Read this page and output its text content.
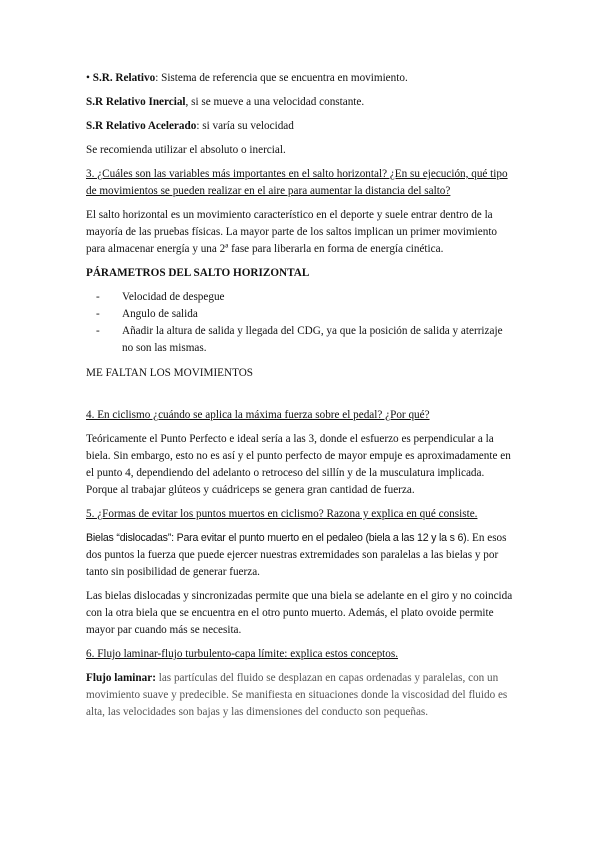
• S.R. Relativo: Sistema de referencia que se encuentra en movimiento.

S.R Relativo Inercial, si se mueve a una velocidad constante.

S.R Relativo Acelerado: si varía su velocidad

Se recomienda utilizar el absoluto o inercial.

3. ¿Cuáles son las variables más importantes en el salto horizontal? ¿En su ejecución, qué tipo de movimientos se pueden realizar en el aire para aumentar la distancia del salto?

El salto horizontal es un movimiento característico en el deporte y suele entrar dentro de la mayoría de las pruebas físicas. La mayor parte de los saltos implican un primer movimiento para almacenar energía y una 2ª fase para liberarla en forma de energía cinética.

PÁRAMETROS DEL SALTO HORIZONTAL

- Velocidad de despegue
- Angulo de salida
- Añadir la altura de salida y llegada del CDG, ya que la posición de salida y aterrizaje no son las mismas.

ME FALTAN LOS MOVIMIENTOS

4. En ciclismo ¿cuándo se aplica la máxima fuerza sobre el pedal? ¿Por qué?

Teóricamente el Punto Perfecto e ideal sería a las 3, donde el esfuerzo es perpendicular a la biela. Sin embargo, esto no es así y el punto perfecto de mayor empuje es aproximadamente en el punto 4, dependiendo del adelanto o retroceso del sillín y de la musculatura implicada. Porque al trabajar glúteos y cuádriceps se genera gran cantidad de fuerza.

5. ¿Formas de evitar los puntos muertos en ciclismo? Razona y explica en qué consiste.

Bielas “dislocadas”: Para evitar el punto muerto en el pedaleo (biela a las 12 y la s 6). En esos dos puntos la fuerza que puede ejercer nuestras extremidades son paralelas a las bielas y por tanto sin posibilidad de generar fuerza.

Las bielas dislocadas y sincronizadas permite que una biela se adelante en el giro y no coincida con la otra biela que se encuentra en el otro punto muerto. Además, el plato ovoide permite mayor par cuando más se necesita.

6. Flujo laminar-flujo turbulento-capa límite: explica estos conceptos.

Flujo laminar: las partículas del fluido se desplazan en capas ordenadas y paralelas, con un movimiento suave y predecible. Se manifiesta en situaciones donde la viscosidad del fluido es alta, las velocidades son bajas y las dimensiones del conducto son pequeñas.
